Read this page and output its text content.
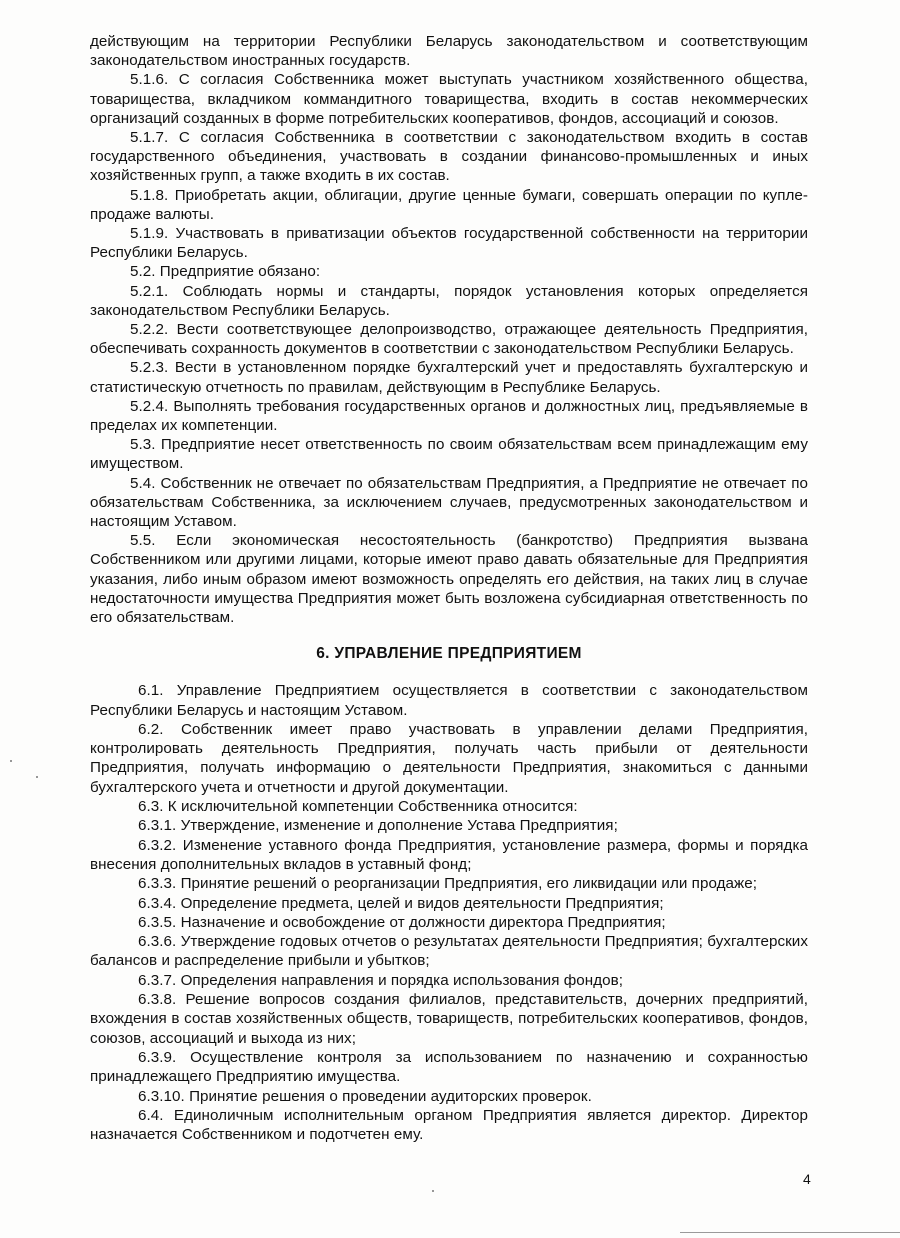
действующим на территории Республики Беларусь законодательством и соответствующим законодательством иностранных государств.

5.1.6. С согласия Собственника может выступать участником хозяйственного общества, товарищества, вкладчиком коммандитного товарищества, входить в состав некоммерческих организаций созданных в форме потребительских кооперативов, фондов, ассоциаций и союзов.

5.1.7. С согласия Собственника в соответствии с законодательством входить в состав государственного объединения, участвовать в создании финансово-промышленных и иных хозяйственных групп, а также входить в их состав.

5.1.8. Приобретать акции, облигации, другие ценные бумаги, совершать операции по купле-продаже валюты.

5.1.9. Участвовать в приватизации объектов государственной собственности на территории Республики Беларусь.

5.2. Предприятие обязано:

5.2.1. Соблюдать нормы и стандарты, порядок установления которых определяется законодательством Республики Беларусь.

5.2.2. Вести соответствующее делопроизводство, отражающее деятельность Предприятия, обеспечивать сохранность документов в соответствии с законодательством Республики Беларусь.

5.2.3. Вести в установленном порядке бухгалтерский учет и предоставлять бухгалтерскую и статистическую отчетность по правилам, действующим в Республике Беларусь.

5.2.4. Выполнять требования государственных органов и должностных лиц, предъявляемые в пределах их компетенции.

5.3. Предприятие несет ответственность по своим обязательствам всем принадлежащим ему имуществом.

5.4. Собственник не отвечает по обязательствам Предприятия, а Предприятие не отвечает по обязательствам Собственника, за исключением случаев, предусмотренных законодательством и настоящим Уставом.

5.5. Если экономическая несостоятельность (банкротство) Предприятия вызвана Собственником или другими лицами, которые имеют право давать обязательные для Предприятия указания, либо иным образом имеют возможность определять его действия, на таких лиц в случае недостаточности имущества Предприятия может быть возложена субсидиарная ответственность по его обязательствам.

6. УПРАВЛЕНИЕ ПРЕДПРИЯТИЕМ

6.1. Управление Предприятием осуществляется в соответствии с законодательством Республики Беларусь и настоящим Уставом.

6.2. Собственник имеет право участвовать в управлении делами Предприятия, контролировать деятельность Предприятия, получать часть прибыли от деятельности Предприятия, получать информацию о деятельности Предприятия, знакомиться с данными бухгалтерского учета и отчетности и другой документации.

6.3. К исключительной компетенции Собственника относится:

6.3.1. Утверждение, изменение и дополнение Устава Предприятия;

6.3.2. Изменение уставного фонда Предприятия, установление размера, формы и порядка внесения дополнительных вкладов в уставный фонд;

6.3.3. Принятие решений о реорганизации Предприятия, его ликвидации или продаже;

6.3.4. Определение предмета, целей и видов деятельности Предприятия;

6.3.5. Назначение и освобождение от должности директора Предприятия;

6.3.6. Утверждение годовых отчетов о результатах деятельности Предприятия; бухгалтерских балансов и распределение прибыли и убытков;

6.3.7. Определения направления и порядка использования фондов;

6.3.8. Решение вопросов создания филиалов, представительств, дочерних предприятий, вхождения в состав хозяйственных обществ, товариществ, потребительских кооперативов, фондов, союзов, ассоциаций и выхода из них;

6.3.9. Осуществление контроля за использованием по назначению и сохранностью принадлежащего Предприятию имущества.

6.3.10. Принятие решения о проведении аудиторских проверок.

6.4. Единоличным исполнительным органом Предприятия является директор. Директор назначается Собственником и подотчетен ему.

4
